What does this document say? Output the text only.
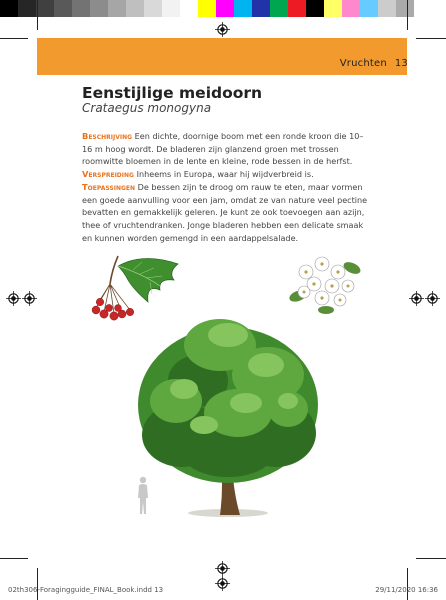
Vruchten 13
Eenstijlige meidoorn
Crataegus monogyna

Beschrijving Een dichte, doornige boom met een ronde kroon die 10–16 m hoog wordt. De bladeren zijn glanzend groen met trossen roomwitte bloemen in de lente en kleine, rode bessen in de herfst.

Verspreiding Inheems in Europa, waar hij wijdverbreid is.

Toepassingen De bessen zijn te droog om rauw te eten, maar vormen een goede aanvulling voor een jam, omdat ze van nature veel pectine bevatten en gemakkelijk geleren. Je kunt ze ook toevoegen aan azijn, thee of vruchtendranken. Jonge bladeren hebben een delicate smaak en kunnen worden gemengd in een aardappelsalade.

02th306-Foragingguide_FINAL_Book.indd 13	29/11/2020 16:36
